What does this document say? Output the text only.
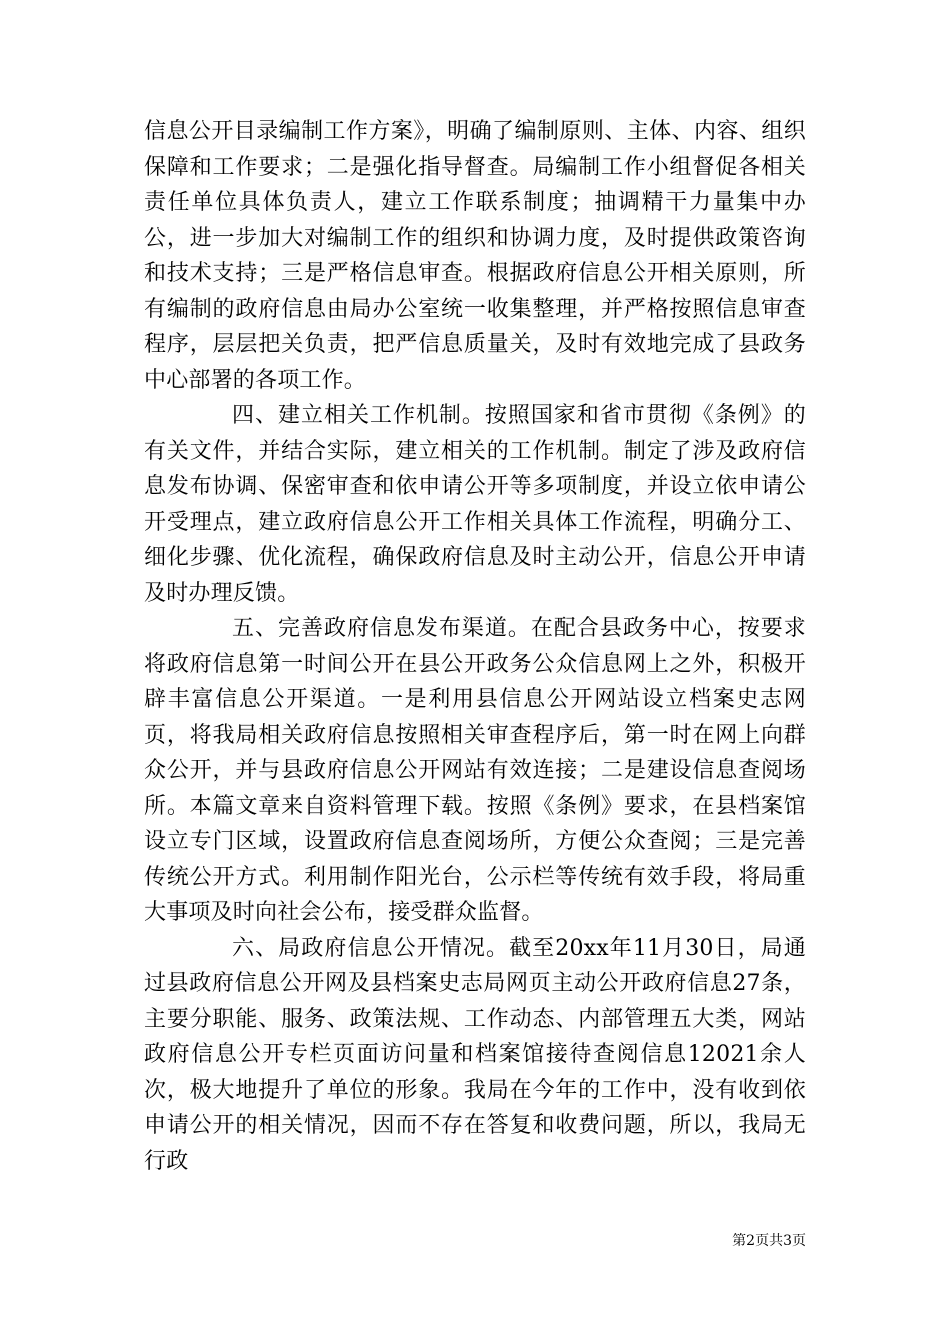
信息公开目录编制工作方案》，明确了编制原则、主体、内容、组织保障和工作要求；二是强化指导督查。局编制工作小组督促各相关责任单位具体负责人，建立工作联系制度；抽调精干力量集中办公，进一步加大对编制工作的组织和协调力度，及时提供政策咨询和技术支持；三是严格信息审查。根据政府信息公开相关原则，所有编制的政府信息由局办公室统一收集整理，并严格按照信息审查程序，层层把关负责，把严信息质量关，及时有效地完成了县政务中心部署的各项工作。

四、建立相关工作机制。按照国家和省市贯彻《条例》的有关文件，并结合实际，建立相关的工作机制。制定了涉及政府信息发布协调、保密审查和依申请公开等多项制度，并设立依申请公开受理点，建立政府信息公开工作相关具体工作流程，明确分工、细化步骤、优化流程，确保政府信息及时主动公开，信息公开申请及时办理反馈。

五、完善政府信息发布渠道。在配合县政务中心，按要求将政府信息第一时间公开在县公开政务公众信息网上之外，积极开辟丰富信息公开渠道。一是利用县信息公开网站设立档案史志网页，将我局相关政府信息按照相关审查程序后，第一时在网上向群众公开，并与县政府信息公开网站有效连接；二是建设信息查阅场所。本篇文章来自资料管理下载。按照《条例》要求，在县档案馆设立专门区域，设置政府信息查阅场所，方便公众查阅；三是完善传统公开方式。利用制作阳光台，公示栏等传统有效手段，将局重大事项及时向社会公布，接受群众监督。

六、局政府信息公开情况。截至20xx年11月30日，局通过县政府信息公开网及县档案史志局网页主动公开政府信息27条，主要分职能、服务、政策法规、工作动态、内部管理五大类，网站政府信息公开专栏页面访问量和档案馆接待查阅信息12021余人次，极大地提升了单位的形象。我局在今年的工作中，没有收到依申请公开的相关情况，因而不存在答复和收费问题，所以，我局无行政

第2页共3页
